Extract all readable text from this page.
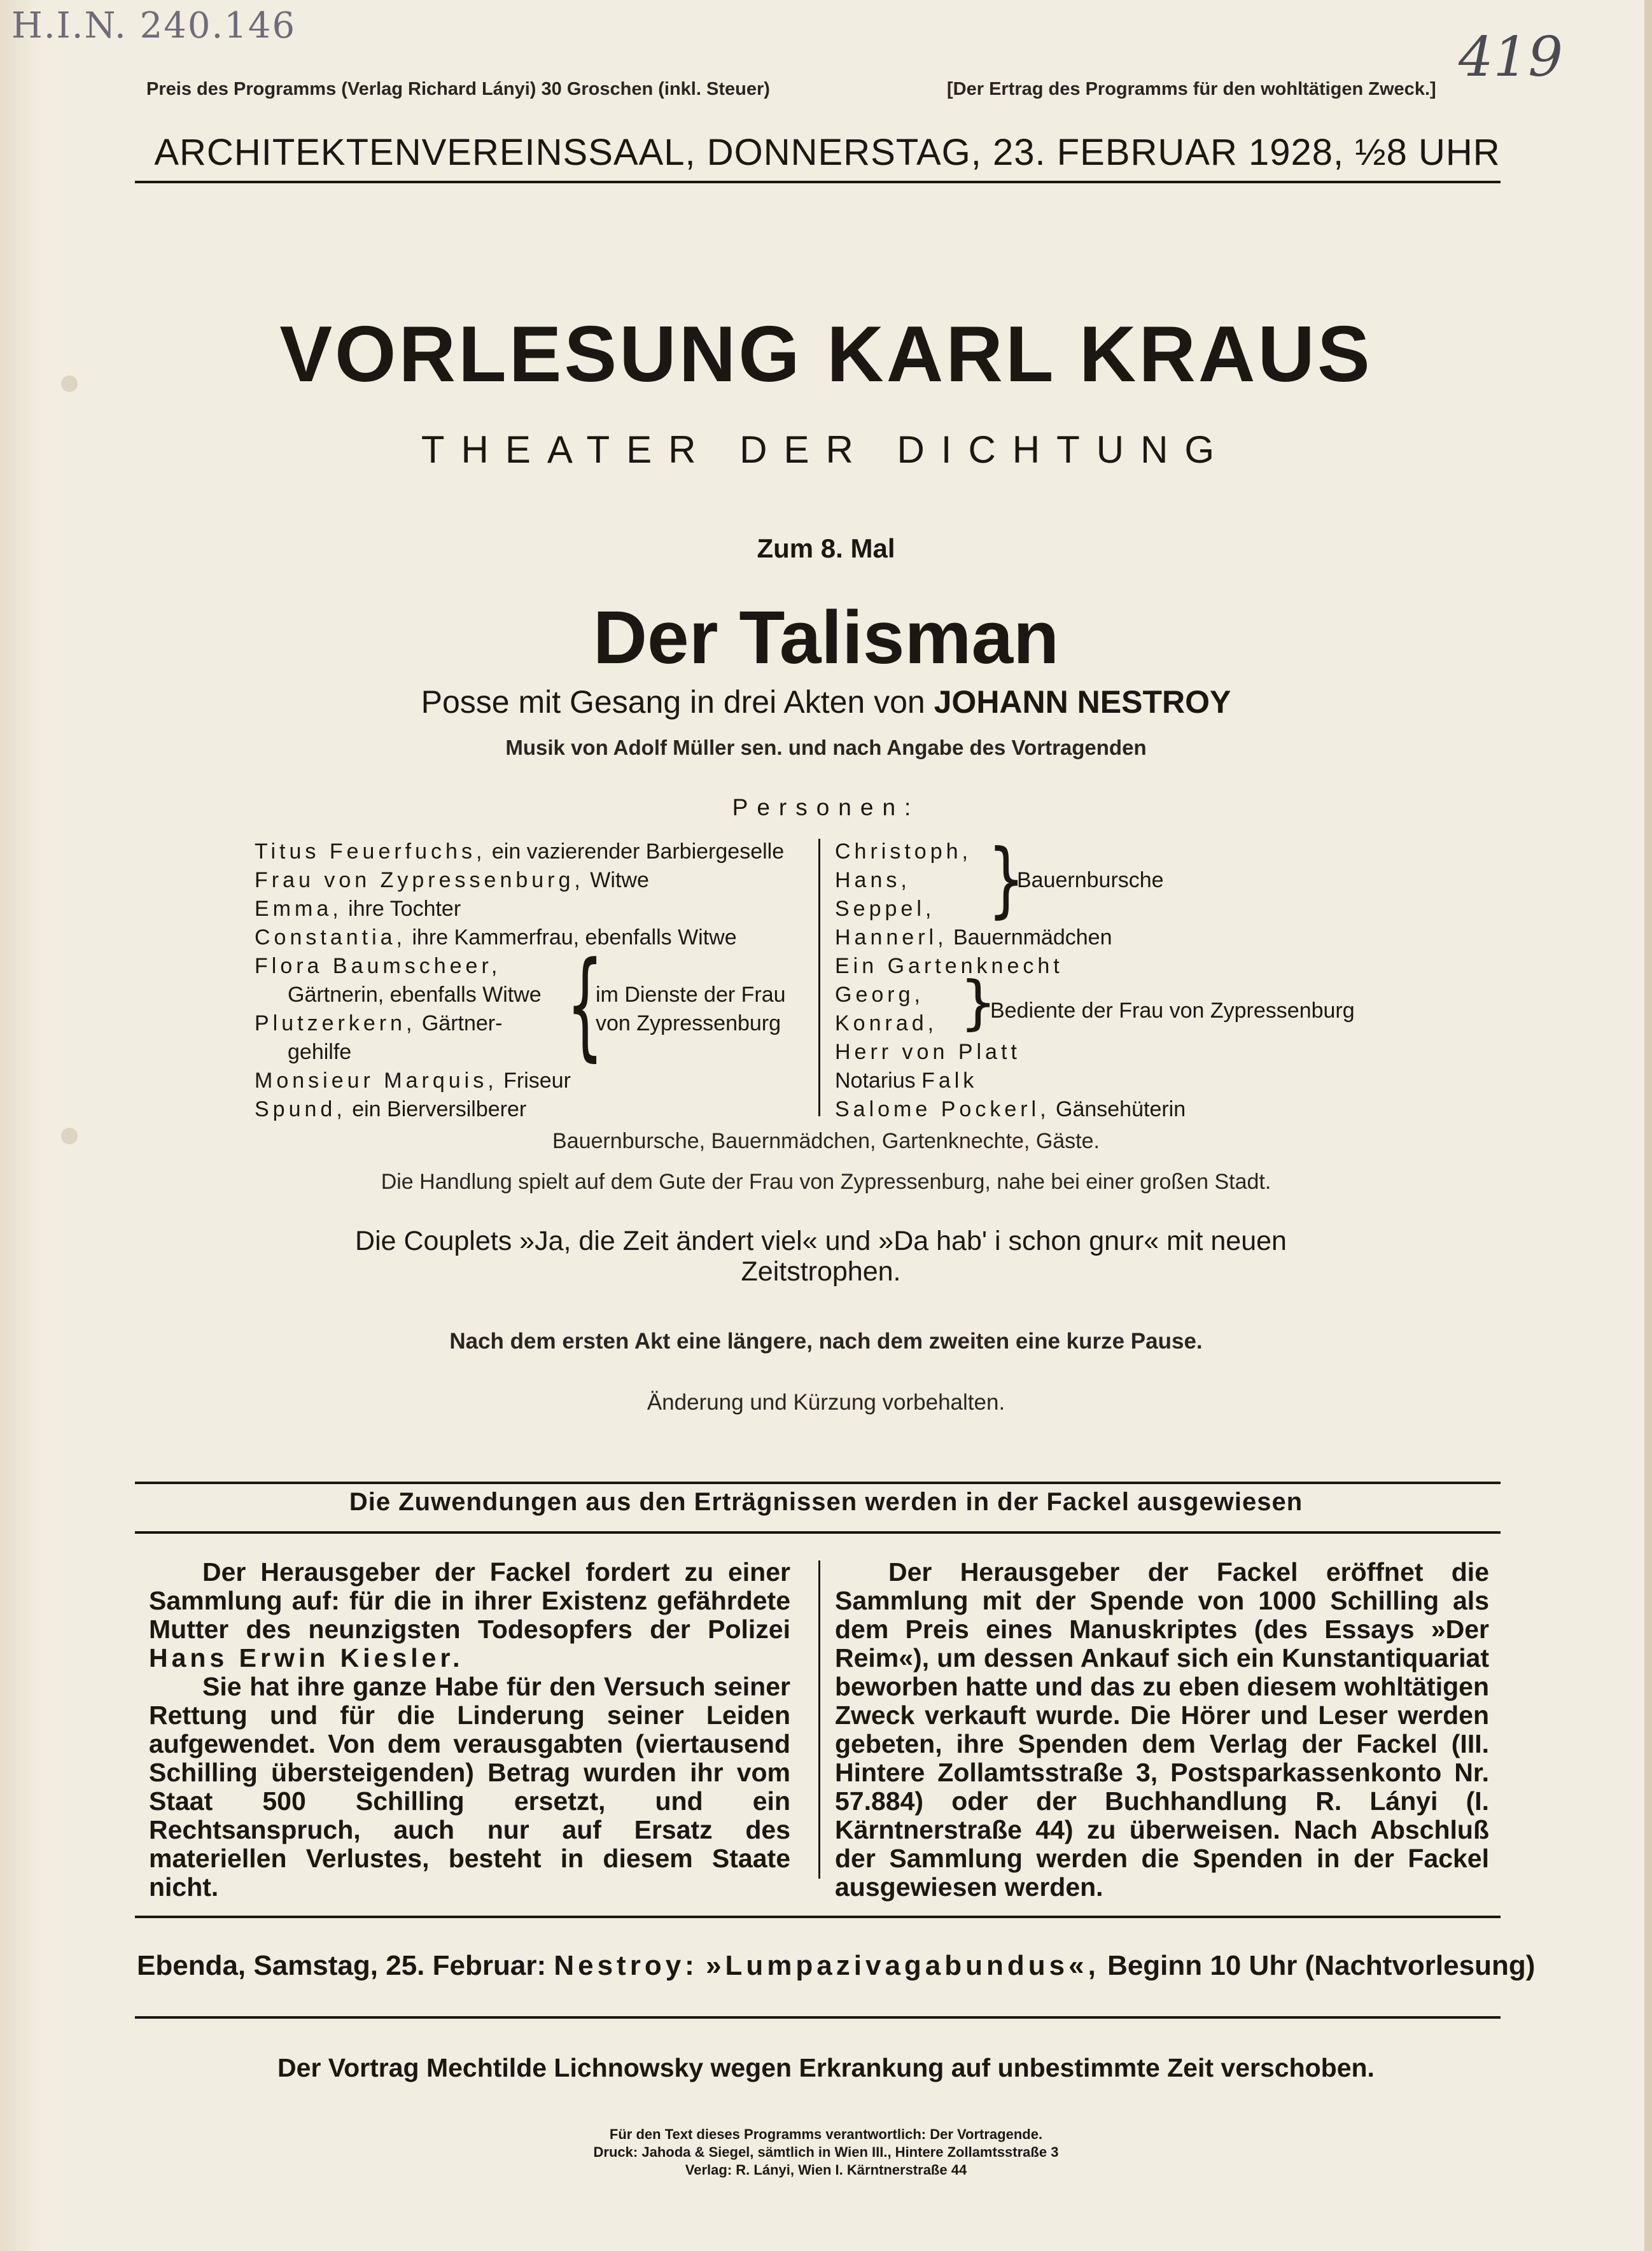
H.I.N. 240.146	419
Preis des Programms (Verlag Richard Lányi) 30 Groschen (inkl. Steuer)	[Der Ertrag des Programms für den wohltätigen Zweck.]
ARCHITEKTENVEREINSSAAL, DONNERSTAG, 23. FEBRUAR 1928, ½8 UHR
VORLESUNG KARL KRAUS
THEATER DER DICHTUNG
Zum 8. Mal
Der Talisman
Posse mit Gesang in drei Akten von JOHANN NESTROY
Musik von Adolf Müller sen. und nach Angabe des Vortragenden
Personen:
Titus Feuerfuchs, ein vazierender Barbiergeselle
Frau von Zypressenburg, Witwe
Emma, ihre Tochter
Constantia, ihre Kammerfrau, ebenfalls Witwe
Flora Baumscheer,
Gärtnerin, ebenfalls Witwe
Plutzerkern, Gärtner-
gehilfe	{
im Dienste der Frau
von Zypressenburg
Monsieur Marquis, Friseur
Spund, ein Bierversilberer
Christoph,
Hans,
Seppel, }
Bauernbursche
Hannerl, Bauernmädchen
Ein Gartenknecht
Georg,
Konrad, }
Bediente der Frau von Zypressenburg
Herr von Platt
Notarius Falk
Salome Pockerl, Gänsehüterin
Bauernbursche, Bauernmädchen, Gartenknechte, Gäste.
Die Handlung spielt auf dem Gute der Frau von Zypressenburg, nahe bei einer großen Stadt.
Die Couplets »Ja, die Zeit ändert viel« und »Da hab' i schon gnur« mit neuen Zeitstrophen.
Nach dem ersten Akt eine längere, nach dem zweiten eine kurze Pause.
Änderung und Kürzung vorbehalten.
Die Zuwendungen aus den Erträgnissen werden in der Fackel ausgewiesen

Der Herausgeber der Fackel fordert zu einer Sammlung auf: für die in ihrer Existenz gefährdete Mutter des neunzigsten Todesopfers der Polizei Hans Erwin Kiesler.

Sie hat ihre ganze Habe für den Versuch seiner Rettung und für die Linderung seiner Leiden aufgewendet. Von dem verausgabten (viertausend Schilling übersteigenden) Betrag wurden ihr vom Staat 500 Schilling ersetzt, und ein Rechtsanspruch, auch nur auf Ersatz des materiellen Verlustes, besteht in diesem Staate nicht.

Der Herausgeber der Fackel eröffnet die Sammlung mit der Spende von 1000 Schilling als dem Preis eines Manuskriptes (des Essays »Der Reim«), um dessen Ankauf sich ein Kunstantiquariat beworben hatte und das zu eben diesem wohltätigen Zweck verkauft wurde. Die Hörer und Leser werden gebeten, ihre Spenden dem Verlag der Fackel (III. Hintere Zollamtsstraße 3, Postsparkassenkonto Nr. 57.884) oder der Buchhandlung R. Lányi (I. Kärntnerstraße 44) zu überweisen. Nach Abschluß der Sammlung werden die Spenden in der Fackel ausgewiesen werden.

Ebenda, Samstag, 25. Februar: Nestroy: »Lumpazivagabundus«, Beginn 10 Uhr (Nachtvorlesung)
Der Vortrag Mechtilde Lichnowsky wegen Erkrankung auf unbestimmte Zeit verschoben.
Für den Text dieses Programms verantwortlich: Der Vortragende.
Druck: Jahoda & Siegel, sämtlich in Wien III., Hintere Zollamtsstraße 3
Verlag: R. Lányi, Wien I. Kärntnerstraße 44
